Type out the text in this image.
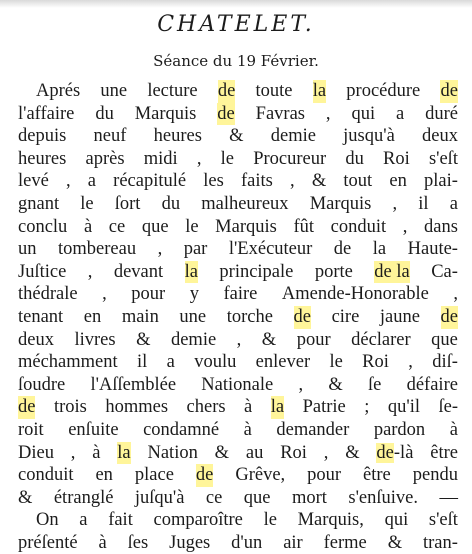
CHATELET.
Séance du 19 Février.
Aprés une lecture de toute la procédure de
l'affaire du Marquis de Favras , qui a duré
depuis neuf heures & demie jusqu'à deux
heures après midi , le Procureur du Roi s'eſt
levé , a récapitulé les faits , & tout en plai-
gnant le ſort du malheureux Marquis , il a
conclu à ce que le Marquis fût conduit , dans
un tombereau , par l'Exécuteur de la Haute-
Juſtice , devant la principale porte de la Ca-
thédrale , pour y faire Amende-Honorable ,
tenant en main une torche de cire jaune de
deux livres & demie , & pour déclarer que
méchamment il a voulu enlever le Roi , diſ-
ſoudre l'Aſſemblée Nationale , & ſe défaire
de trois hommes chers à la Patrie ; qu'il ſe-
roit enſuite condamné à demander pardon à
Dieu , à la Nation & au Roi , & de-là être
conduit en place de Grêve, pour être pendu
& étranglé juſqu'à ce que mort s'enſuive. —
On a fait comparoître le Marquis, qui s'eſt
préſenté à ſes Juges d'un air ferme & tran-
